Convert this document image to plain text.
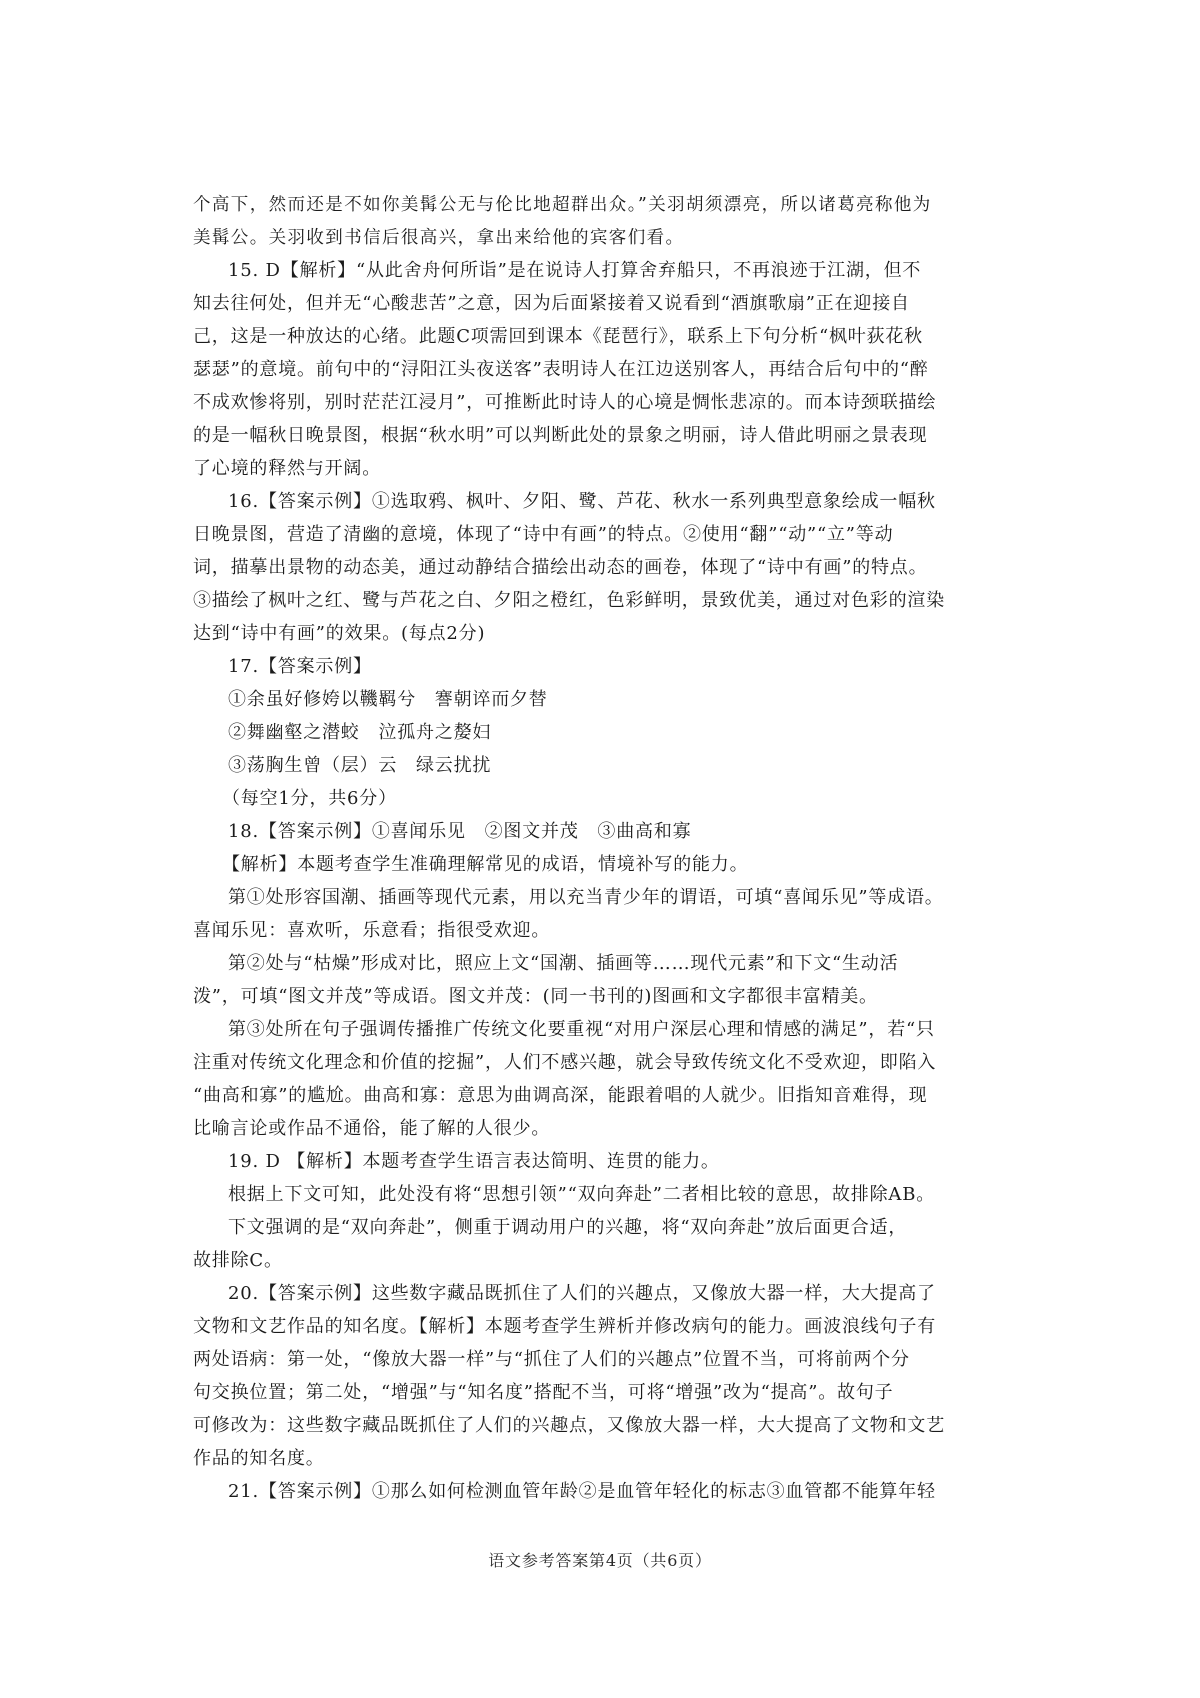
个高下，然而还是不如你美髯公无与伦比地超群出众。”关羽胡须漂亮，所以诸葛亮称他为
美髯公。关羽收到书信后很高兴，拿出来给他的宾客们看。
15. D【解析】“从此舍舟何所诣”是在说诗人打算舍弃船只，不再浪迹于江湖，但不
知去往何处，但并无“心酸悲苦”之意，因为后面紧接着又说看到“酒旗歌扇”正在迎接自
己，这是一种放达的心绪。此题C项需回到课本《琵琶行》，联系上下句分析“枫叶荻花秋
瑟瑟”的意境。前句中的“浔阳江头夜送客”表明诗人在江边送别客人，再结合后句中的“醉
不成欢惨将别，别时茫茫江浸月”，可推断此时诗人的心境是惆怅悲凉的。而本诗颈联描绘
的是一幅秋日晚景图，根据“秋水明”可以判断此处的景象之明丽，诗人借此明丽之景表现
了心境的释然与开阔。
16.【答案示例】①选取鸦、枫叶、夕阳、鹭、芦花、秋水一系列典型意象绘成一幅秋
日晚景图，营造了清幽的意境，体现了“诗中有画”的特点。②使用“翻”“动”“立”等动
词，描摹出景物的动态美，通过动静结合描绘出动态的画卷，体现了“诗中有画”的特点。
③描绘了枫叶之红、鹭与芦花之白、夕阳之橙红，色彩鲜明，景致优美，通过对色彩的渲染
达到“诗中有画”的效果。(每点2分)
17.【答案示例】
①余虽好修姱以鞿羁兮　謇朝谇而夕替
②舞幽壑之潜蛟　泣孤舟之嫠妇
③荡胸生曾（层）云　绿云扰扰
（每空1分，共6分）
18.【答案示例】①喜闻乐见　②图文并茂　③曲高和寡
【解析】本题考查学生准确理解常见的成语，情境补写的能力。
第①处形容国潮、插画等现代元素，用以充当青少年的谓语，可填“喜闻乐见”等成语。
喜闻乐见：喜欢听，乐意看；指很受欢迎。
第②处与“枯燥”形成对比，照应上文“国潮、插画等……现代元素”和下文“生动活
泼”，可填“图文并茂”等成语。图文并茂：(同一书刊的)图画和文字都很丰富精美。
第③处所在句子强调传播推广传统文化要重视“对用户深层心理和情感的满足”，若“只
注重对传统文化理念和价值的挖掘”，人们不感兴趣，就会导致传统文化不受欢迎，即陷入
“曲高和寡”的尴尬。曲高和寡：意思为曲调高深，能跟着唱的人就少。旧指知音难得，现
比喻言论或作品不通俗，能了解的人很少。
19. D 【解析】本题考查学生语言表达简明、连贯的能力。
根据上下文可知，此处没有将“思想引领”“双向奔赴”二者相比较的意思，故排除AB。
下文强调的是“双向奔赴”，侧重于调动用户的兴趣，将“双向奔赴”放后面更合适，
故排除C。
20.【答案示例】这些数字藏品既抓住了人们的兴趣点，又像放大器一样，大大提高了
文物和文艺作品的知名度。【解析】本题考查学生辨析并修改病句的能力。画波浪线句子有
两处语病：第一处，“像放大器一样”与“抓住了人们的兴趣点”位置不当，可将前两个分
句交换位置；第二处，“增强”与“知名度”搭配不当，可将“增强”改为“提高”。故句子
可修改为：这些数字藏品既抓住了人们的兴趣点，又像放大器一样，大大提高了文物和文艺
作品的知名度。
21.【答案示例】①那么如何检测血管年龄②是血管年轻化的标志③血管都不能算年轻
语文参考答案第4页（共6页）
